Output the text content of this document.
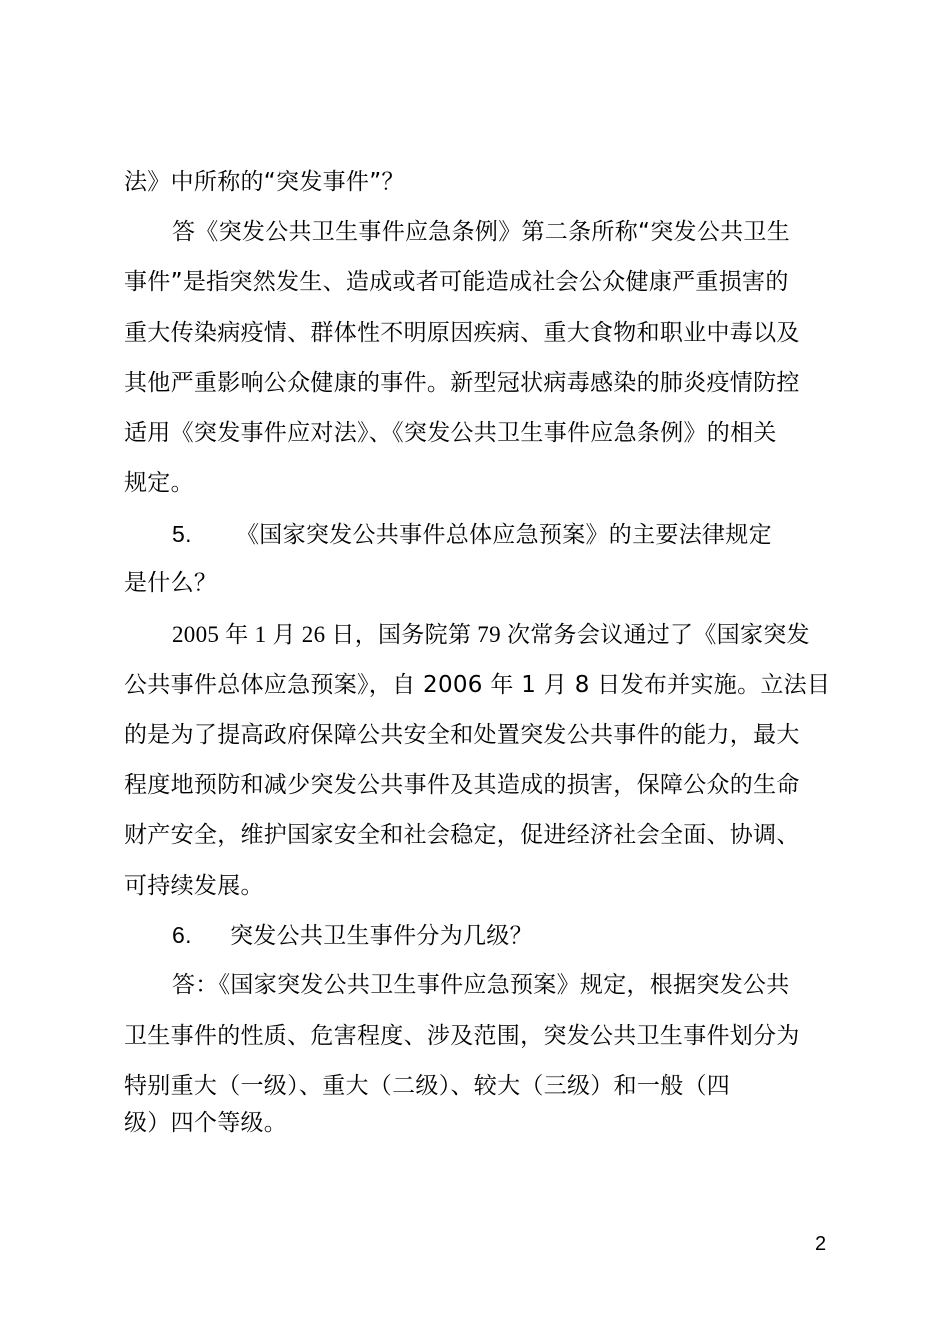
法》中所称的“突发事件”？
答《突发公共卫生事件应急条例》第二条所称“突发公共卫生
事件”是指突然发生、造成或者可能造成社会公众健康严重损害的
重大传染病疫情、群体性不明原因疾病、重大食物和职业中毒以及
其他严重影响公众健康的事件。新型冠状病毒感染的肺炎疫情防控
适用《突发事件应对法》、《突发公共卫生事件应急条例》的相关
规定。
5. 《国家突发公共事件总体应急预案》的主要法律规定
是什么？
2005 年 1 月 26 日，国务院第 79 次常务会议通过了《国家突发
公共事件总体应急预案》，自 2006 年 1 月 8 日发布并实施。立法目
的是为了提高政府保障公共安全和处置突发公共事件的能力，最大
程度地预防和减少突发公共事件及其造成的损害，保障公众的生命
财产安全，维护国家安全和社会稳定，促进经济社会全面、协调、
可持续发展。
6. 突发公共卫生事件分为几级？
答：《国家突发公共卫生事件应急预案》规定，根据突发公共
卫生事件的性质、危害程度、涉及范围，突发公共卫生事件划分为
特别重大（一级）、重大（二级）、较大（三级）和一般（四
级）四个等级。
2
